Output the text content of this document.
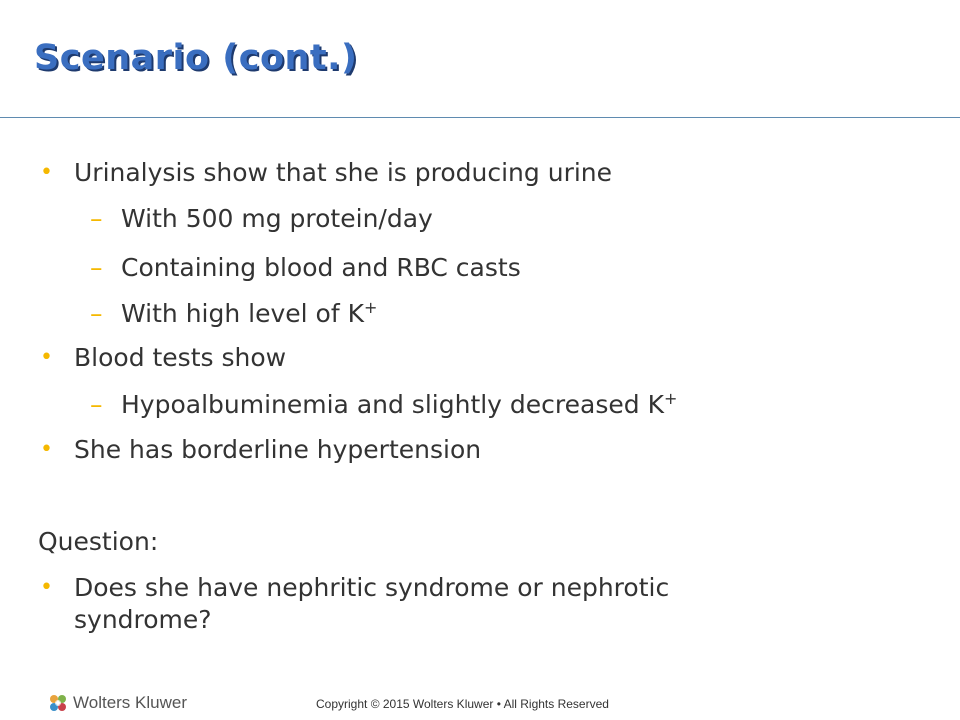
Scenario (cont.)
• Urinalysis show that she is producing urine
– With 500 mg protein/day
– Containing blood and RBC casts
– With high level of K+
• Blood tests show
– Hypoalbuminemia and slightly decreased K+
• She has borderline hypertension
Question:
• Does she have nephritic syndrome or nephrotic
syndrome?
Wolters Kluwer	Copyright © 2015 Wolters Kluwer • All Rights Reserved
